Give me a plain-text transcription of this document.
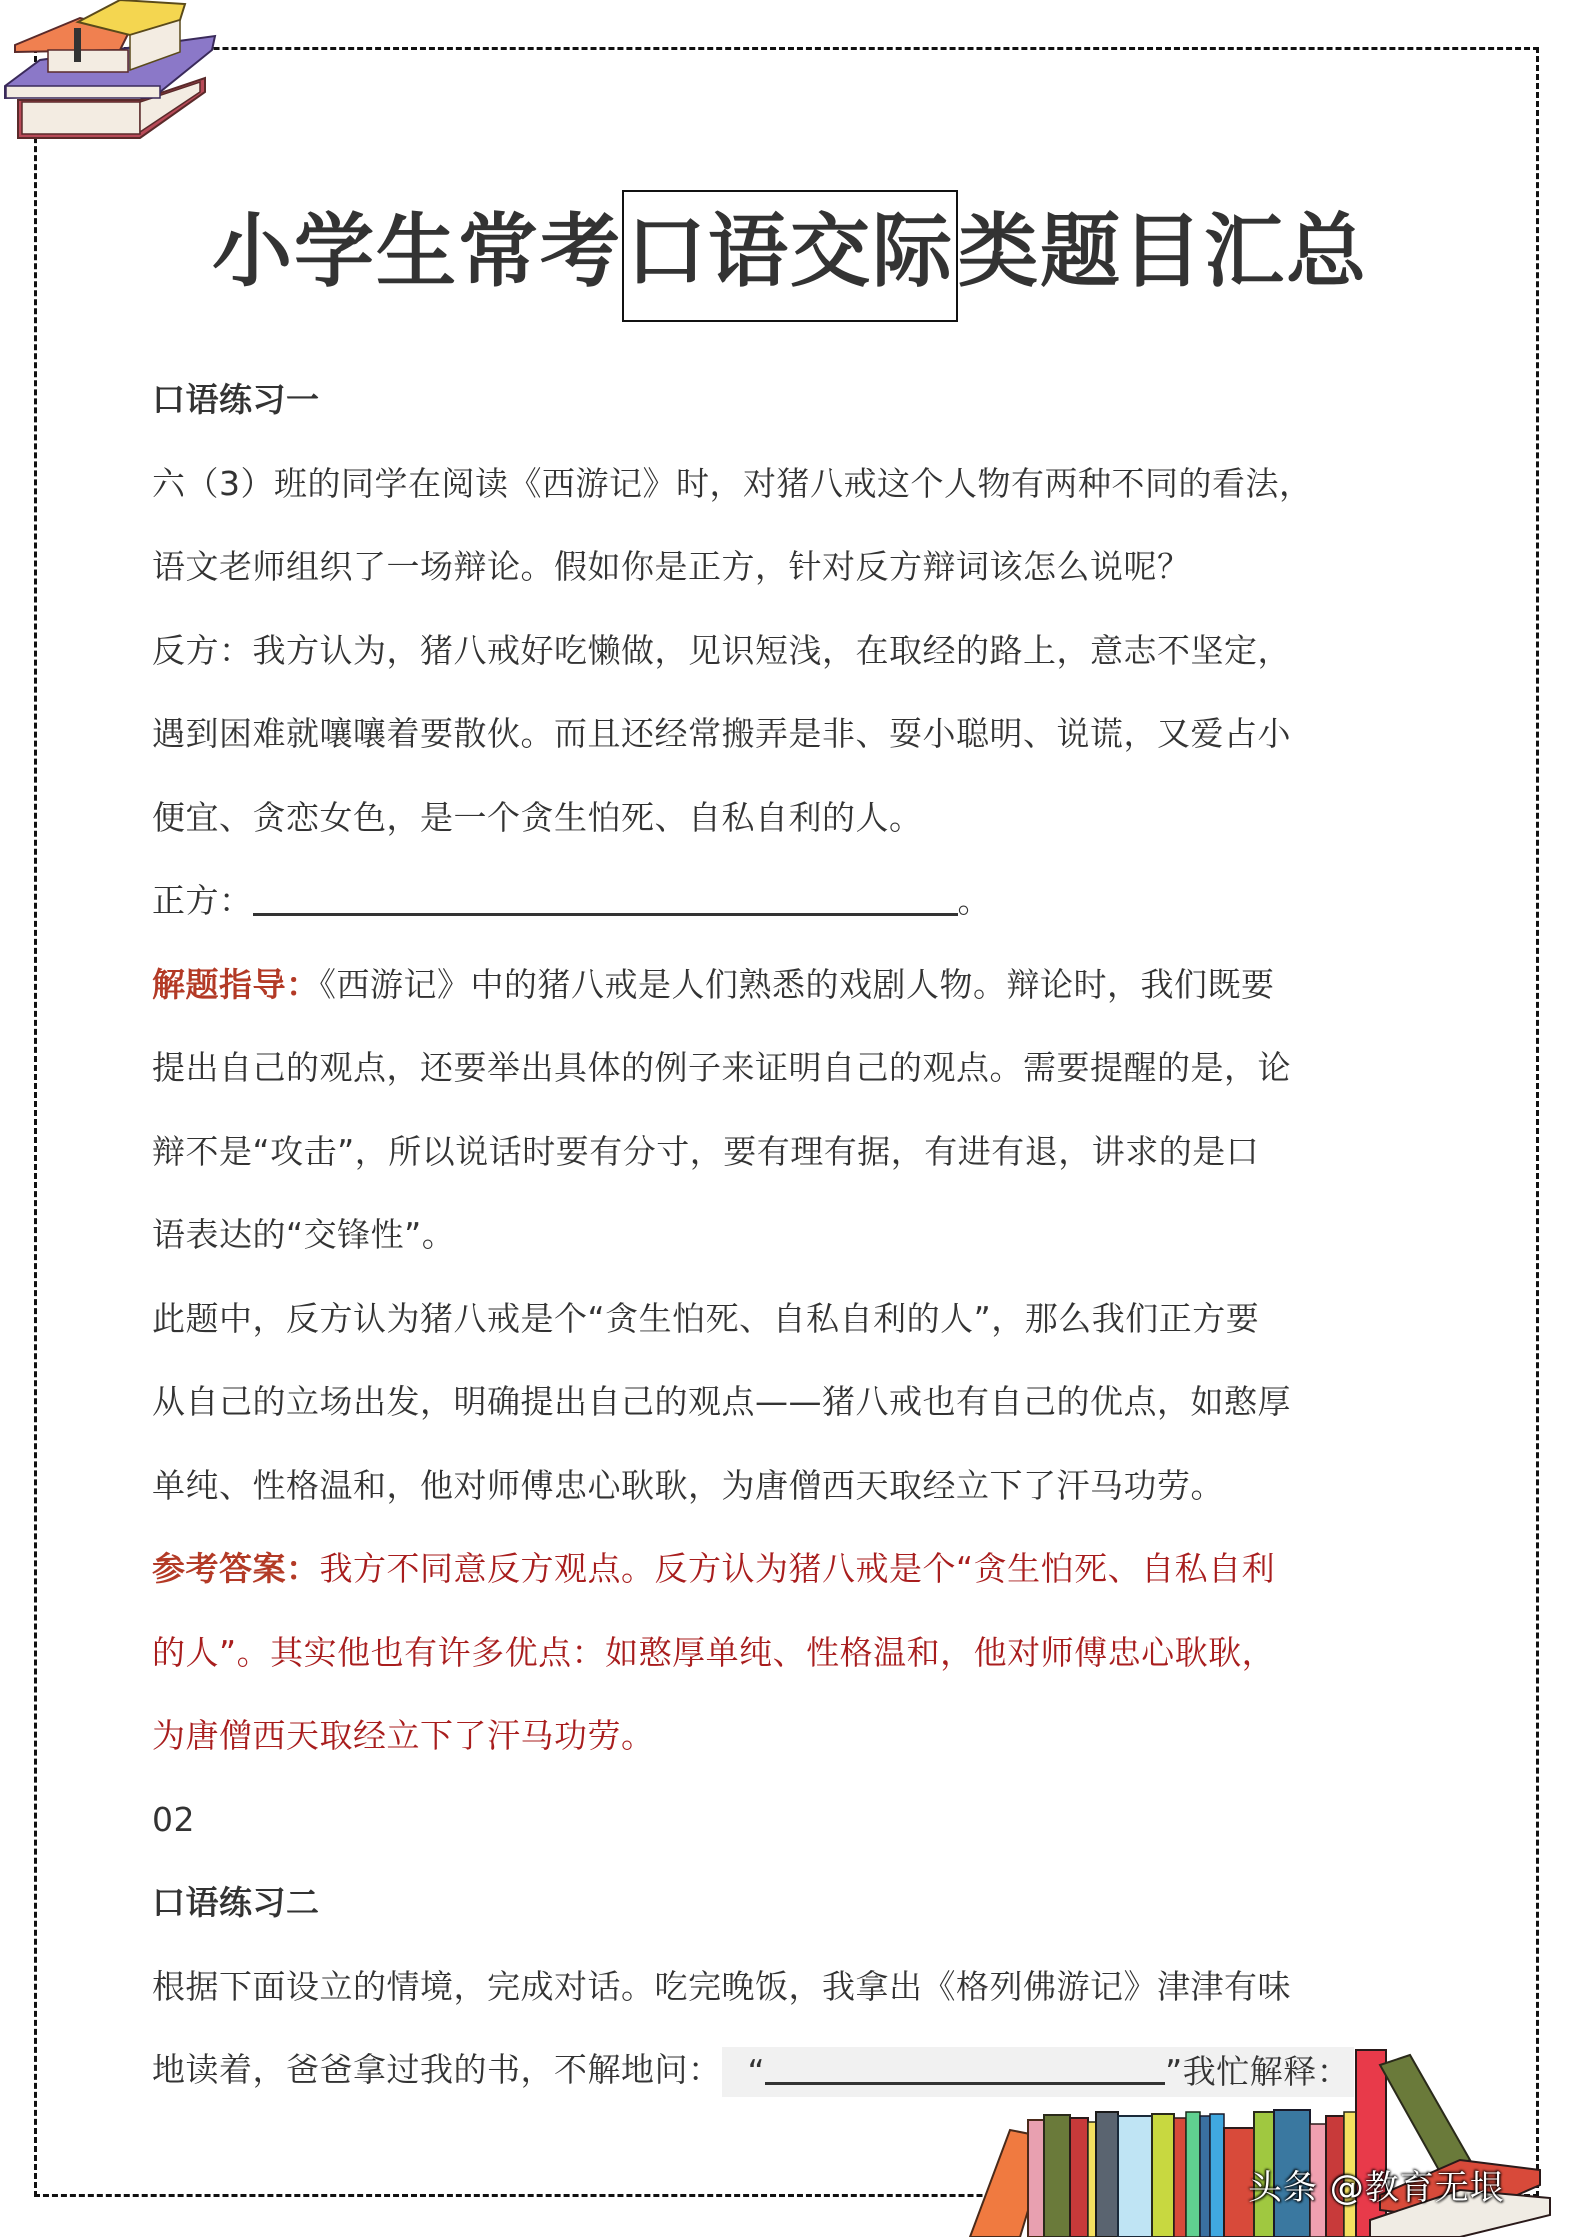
小学生常考口语交际类题目汇总
口语练习一
六（3）班的同学在阅读《西游记》时，对猪八戒这个人物有两种不同的看法，
语文老师组织了一场辩论。假如你是正方，针对反方辩词该怎么说呢？
反方：我方认为，猪八戒好吃懒做，见识短浅，在取经的路上，意志不坚定，
遇到困难就嚷嚷着要散伙。而且还经常搬弄是非、耍小聪明、说谎，又爱占小
便宜、贪恋女色，是一个贪生怕死、自私自利的人。
正方：	。
解题指导：《西游记》中的猪八戒是人们熟悉的戏剧人物。辩论时，我们既要
提出自己的观点，还要举出具体的例子来证明自己的观点。需要提醒的是，论
辩不是“攻击”，所以说话时要有分寸，要有理有据，有进有退，讲求的是口
语表达的“交锋性”。
此题中，反方认为猪八戒是个“贪生怕死、自私自利的人”，那么我们正方要
从自己的立场出发，明确提出自己的观点——猪八戒也有自己的优点，如憨厚
单纯、性格温和，他对师傅忠心耿耿，为唐僧西天取经立下了汗马功劳。
参考答案：我方不同意反方观点。反方认为猪八戒是个“贪生怕死、自私自利
的人”。其实他也有许多优点：如憨厚单纯、性格温和，他对师傅忠心耿耿，
为唐僧西天取经立下了汗马功劳。
02
口语练习二
根据下面设立的情境，完成对话。吃完晚饭，我拿出《格列佛游记》津津有味
地读着，爸爸拿过我的书，不解地问： “	”我忙解释：
头条 @教育无垠
